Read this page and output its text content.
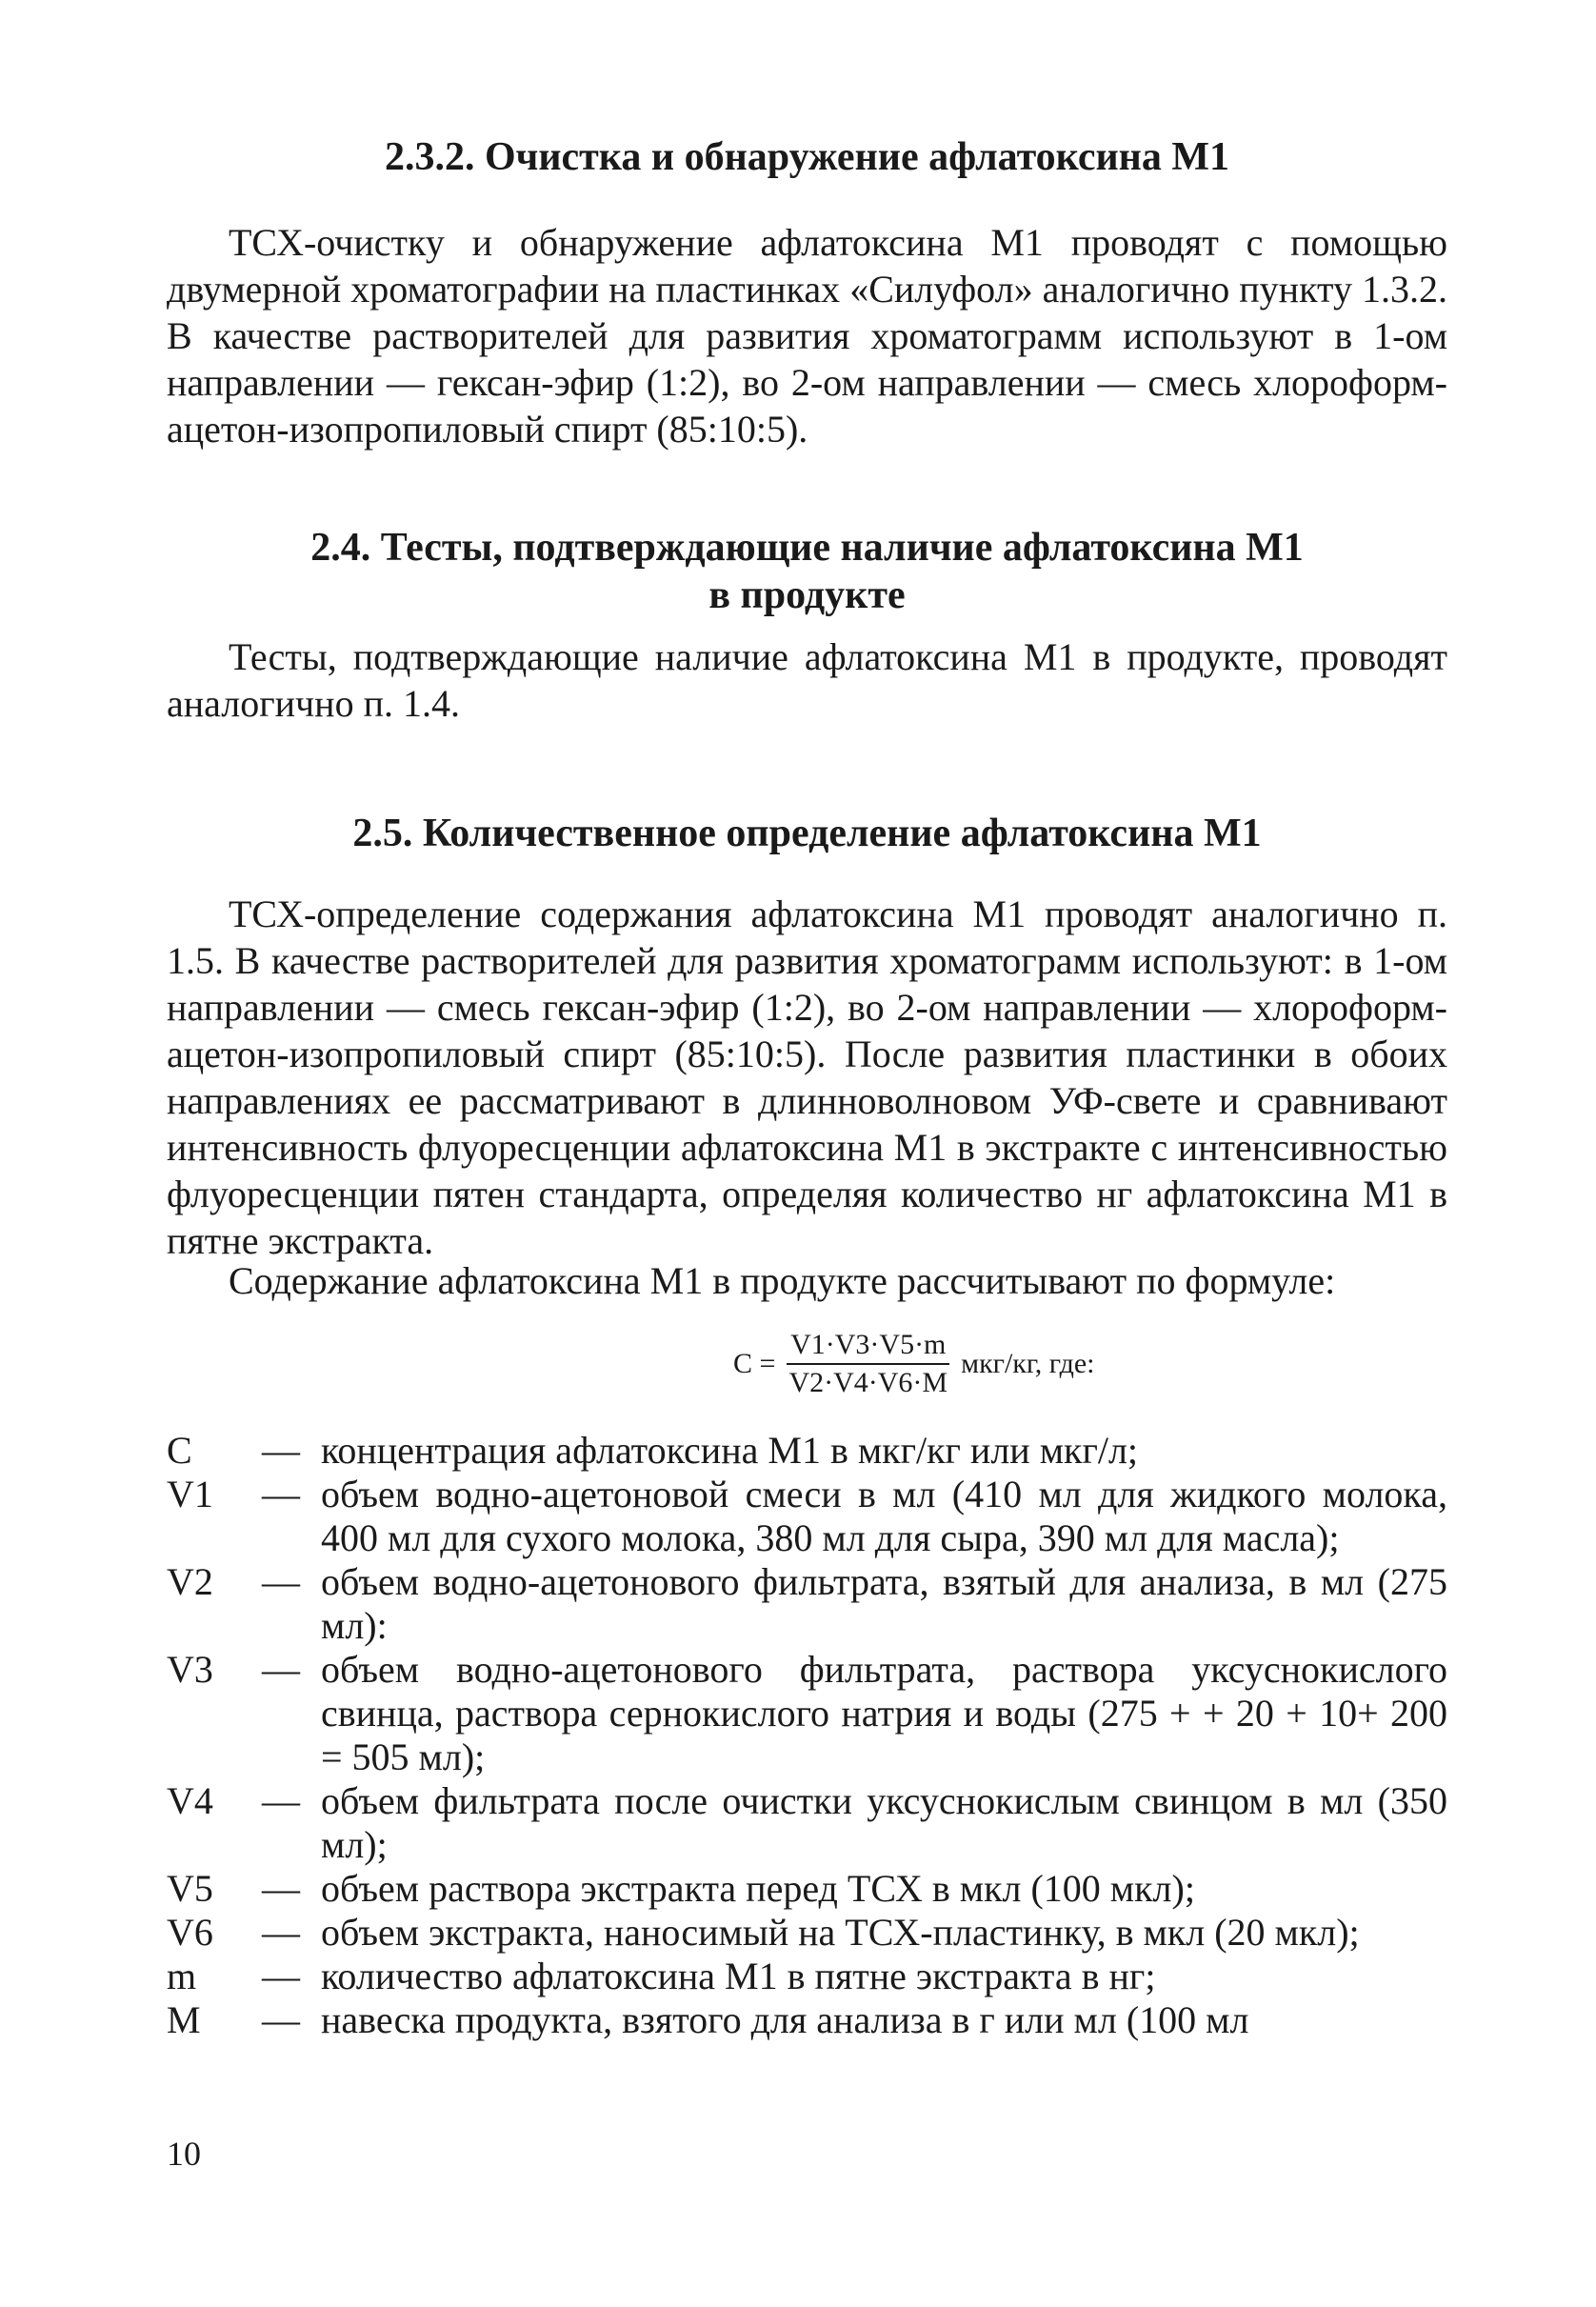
2.3.2. Очистка и обнаружение афлатоксина M1

ТСХ-очистку и обнаружение афлатоксина M1 проводят с помощью двумерной хроматографии на пластинках «Силуфол» аналогично пункту 1.3.2. В качестве растворителей для развития хроматограмм используют в 1-ом направлении — гексан-эфир (1:2), во 2-ом направлении — смесь хлороформ-ацетон-изопропиловый спирт (85:10:5).

2.4. Тесты, подтверждающие наличие афлатоксина M1
в продукте

Тесты, подтверждающие наличие афлатоксина M1 в продукте, проводят аналогично п. 1.4.

2.5. Количественное определение афлатоксина M1

ТСХ-определение содержания афлатоксина M1 проводят аналогично п. 1.5. В качестве растворителей для развития хроматограмм используют: в 1-ом направлении — смесь гексан-эфир (1:2), во 2-ом направлении — хлороформ-ацетон-изопропиловый спирт (85:10:5). После развития пластинки в обоих направлениях ее рассматривают в длинноволновом УФ-свете и сравнивают интенсивность флуоресценции афлатоксина M1 в экстракте с интенсивностью флуоресценции пятен стандарта, определяя количество нг афлатоксина M1 в пятне экстракта.

Содержание афлатоксина M1 в продукте рассчитывают по формуле:

$C = \frac{V1\cdot V3\cdot V5\cdot m}{V2\cdot V4\cdot V6\cdot M} мкг/кг$, где:
C	— концентрация афлатоксина M1 в мкг/кг или мкг/л;
V1	— объем водно-ацетоновой смеси в мл (410 мл для жидкого молока, 400 мл для сухого молока, 380 мл для сыра, 390 мл для масла);
V2	— объем водно-ацетонового фильтрата, взятый для анализа, в мл (275 мл):
V3	— объем водно-ацетонового фильтрата, раствора уксуснокислого свинца, раствора сернокислого натрия и воды (275 + + 20 + 10+ 200 = 505 мл);
V4	— объем фильтрата после очистки уксуснокислым свинцом в мл (350 мл);
V5	— объем раствора экстракта перед ТСХ в мкл (100 мкл);
V6	— объем экстракта, наносимый на ТСХ-пластинку, в мкл (20 мкл);
m	— количество афлатоксина M1 в пятне экстракта в нг;
M	— навеска продукта, взятого для анализа в г или мл (100 мл
10
